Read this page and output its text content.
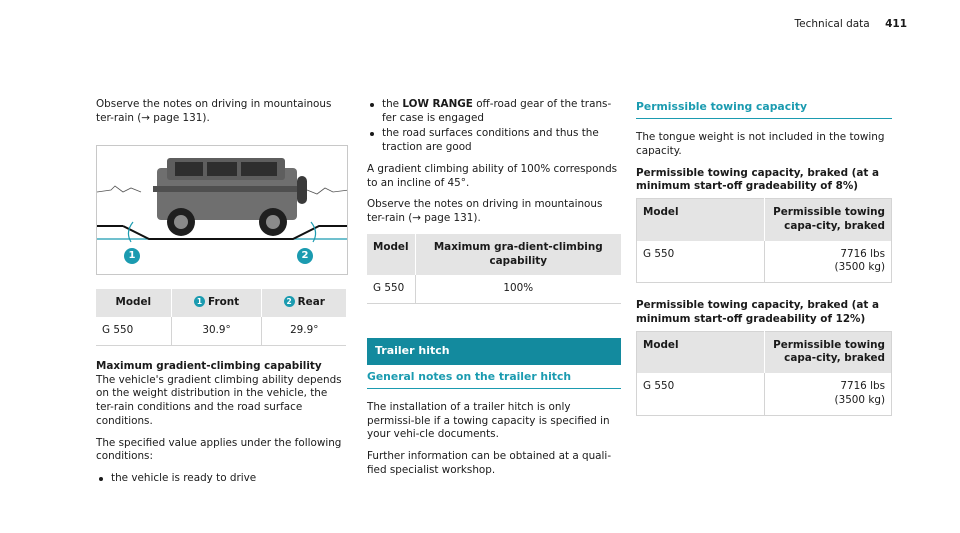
Technical data 411

Observe the notes on driving in mountainous ter-rain (→ page 131).

1	2
Model	1 Front	2 Rear
G 550	30.9°	29.9°

Maximum gradient-climbing capability

The vehicle's gradient climbing ability depends on the weight distribution in the vehicle, the ter-rain conditions and the road surface conditions.

The specified value applies under the following conditions:

the vehicle is ready to drive
the LOW RANGE off-road gear of the trans-fer case is engaged
the road surfaces conditions and thus the traction are good

A gradient climbing ability of 100% corresponds to an incline of 45°.

Observe the notes on driving in mountainous ter-rain (→ page 131).

Model	Maximum gra-dient-climbing capability
G 550	100%
Trailer hitch
General notes on the trailer hitch

The installation of a trailer hitch is only permissi-ble if a towing capacity is specified in your vehi-cle documents.

Further information can be obtained at a quali-fied specialist workshop.

Permissible towing capacity

The tongue weight is not included in the towing capacity.

Permissible towing capacity, braked (at a minimum start-off gradeability of 8%)

Model	Permissible towing capa-city, braked
G 550	7716 lbs
(3500 kg)

Permissible towing capacity, braked (at a minimum start-off gradeability of 12%)

Model	Permissible towing capa-city, braked
G 550	7716 lbs
(3500 kg)
